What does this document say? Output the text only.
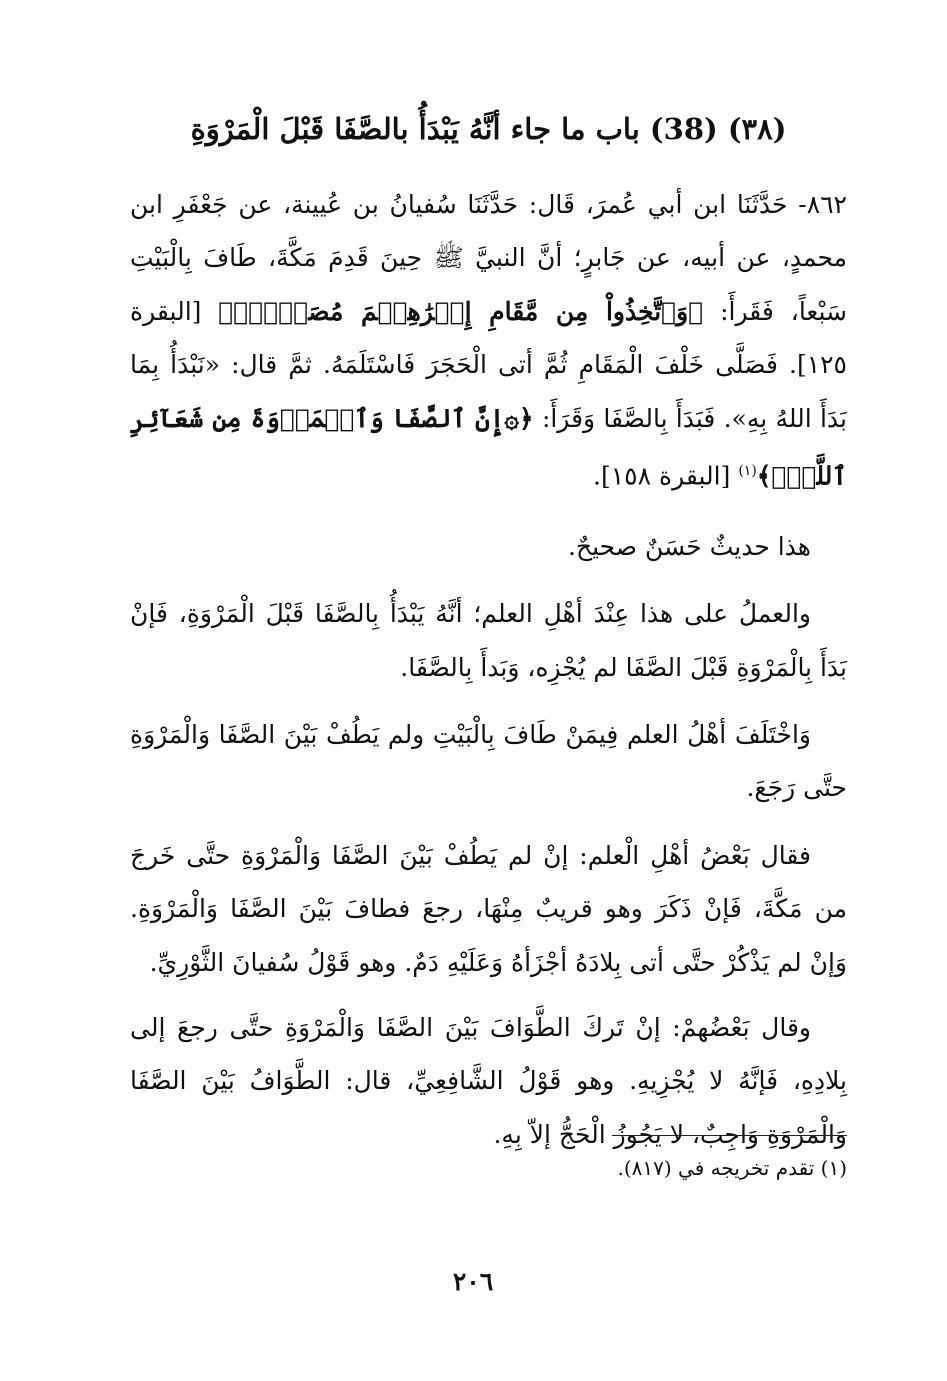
(٣٨) (38) باب ما جاء أنَّهُ يَبْدَأُ بالصَّفَا قَبْلَ الْمَرْوَةِ

٨٦٢- حَدَّثَنَا ابن أبي عُمرَ، قَال: حَدَّثَنَا سُفيانُ بن عُيينة، عن جَعْفَرِ ابن محمدٍ، عن أبيه، عن جَابرٍ؛ أنَّ النبيَّ ﷺ حِينَ قَدِمَ مَكَّةَ، طَافَ بِالْبَيْتِ سَبْعاً، فَقَرأَ: ﴿وَٱتَّخِذُواْ مِن مَّقَامِ إِبۡرَٰهِـۧمَ مُصَلࣰّىۖ﴾ [البقرة ١٢٥]. فَصَلَّى خَلْفَ الْمَقَامِ ثُمَّ أتى الْحَجَرَ فَاسْتَلَمَهُ. ثمَّ قال: «نَبْدَأُ بِمَا بَدَأَ اللهُ بِهِ». فَبَدَأَ بِالصَّفَا وَقَرَأَ: ﴿۞إِنَّ ٱلصَّفَا وَٱلۡمَرۡوَةَ مِن شَعَآئِرِ ٱللَّهِۖ﴾$^{(١)}$ [البقرة ١٥٨].

هذا حديثٌ حَسَنٌ صحيحٌ.

والعملُ على هذا عِنْدَ أهْلِ العلم؛ أنَّهُ يَبْدَأُ بِالصَّفَا قَبْلَ الْمَرْوَةِ، فَإنْ بَدَأَ بِالْمَرْوَةِ قَبْلَ الصَّفَا لم يُجْزِه، وَبَدأَ بِالصَّفَا.

وَاخْتَلَفَ أهْلُ العلم فِيمَنْ طَافَ بِالْبَيْتِ ولم يَطُفْ بَيْنَ الصَّفَا وَالْمَرْوَةِ حتَّى رَجَعَ.

فقال بَعْضُ أهْلِ الْعلم: إنْ لم يَطُفْ بَيْنَ الصَّفَا وَالْمَرْوَةِ حتَّى خَرجَ من مَكَّةَ، فَإنْ ذَكَرَ وهو قريبٌ مِنْهَا، رجعَ فطافَ بَيْنَ الصَّفَا وَالْمَرْوَةِ. وَإنْ لم يَذْكُرْ حتَّى أتى بِلادَهُ أجْزَأهُ وَعَلَيْهِ دَمٌ. وهو قَوْلُ سُفيانَ الثَّوْرِيِّ.

وقال بَعْضُهمْ: إنْ تَركَ الطَّوَافَ بَيْنَ الصَّفَا وَالْمَرْوَةِ حتَّى رجعَ إلى بِلادِهِ، فَإنَّهُ لا يُجْزِيهِ. وهو قَوْلُ الشَّافِعِيِّ، قال: الطَّوَافُ بَيْنَ الصَّفَا وَالْمَرْوَةِ وَاجِبٌ، لا يَجُوزُ الْحَجُّ إلاّ بِهِ.

(١) تقدم تخريجه في (٨١٧).
٢٠٦
